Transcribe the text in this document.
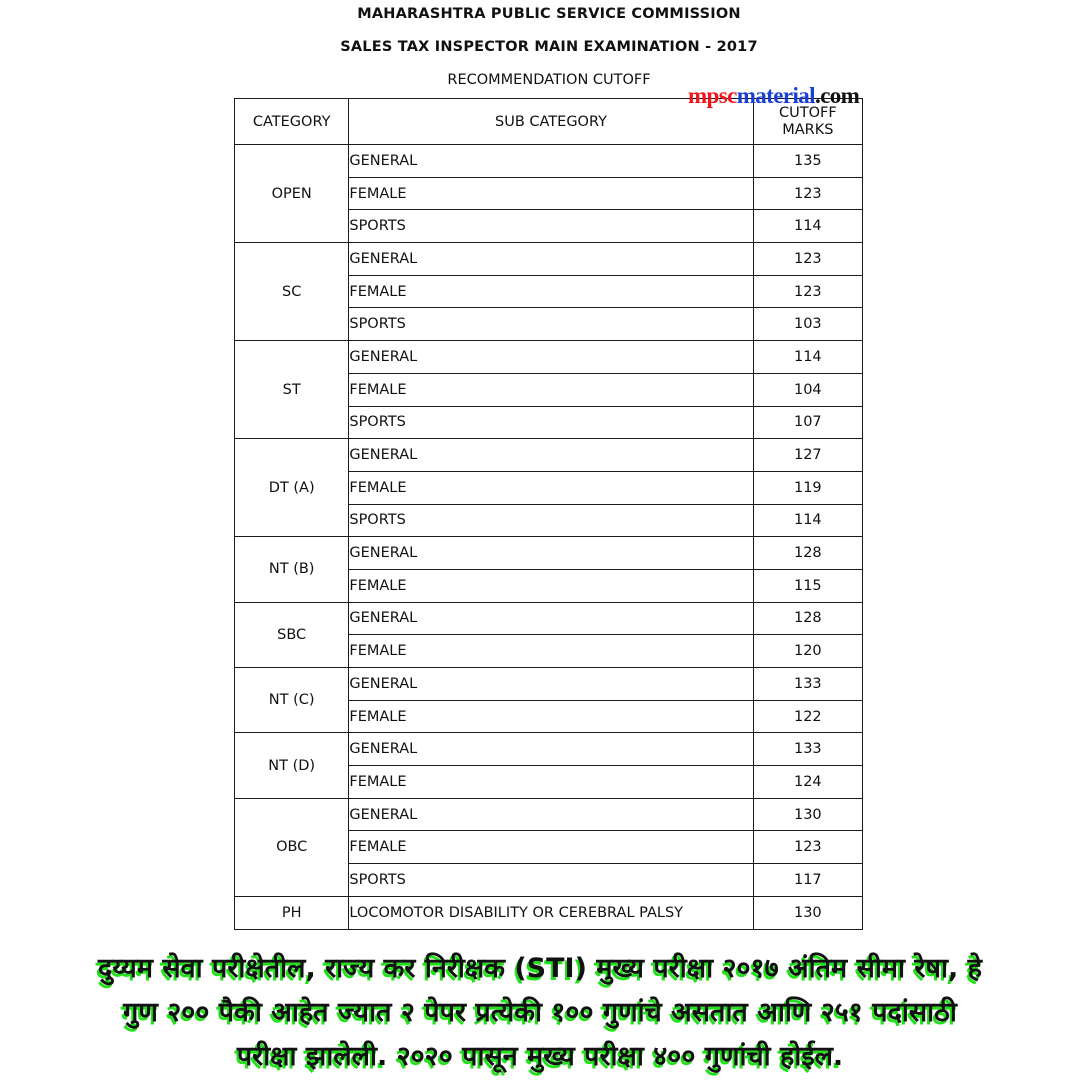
MAHARASHTRA PUBLIC SERVICE COMMISSION
SALES TAX INSPECTOR MAIN EXAMINATION - 2017
RECOMMENDATION CUTOFF
mpscmaterial.com
CATEGORY	SUB CATEGORY	CUTOFF
MARKS
OPEN	GENERAL	135
	FEMALE	123
	SPORTS	114
SC	GENERAL	123
	FEMALE	123
	SPORTS	103
ST	GENERAL	114
	FEMALE	104
	SPORTS	107
DT (A)	GENERAL	127
	FEMALE	119
	SPORTS	114
NT (B)	GENERAL	128
	FEMALE	115
SBC	GENERAL	128
	FEMALE	120
NT (C)	GENERAL	133
	FEMALE	122
NT (D)	GENERAL	133
	FEMALE	124
OBC	GENERAL	130
	FEMALE	123
	SPORTS	117
PH	LOCOMOTOR DISABILITY OR CEREBRAL PALSY	130
दुय्यम सेवा परीक्षेतील, राज्य कर निरीक्षक (STI) मुख्य परीक्षा २०१७ अंतिम सीमा रेषा, हे
गुण २०० पैकी आहेत ज्यात २ पेपर प्रत्येकी १०० गुणांचे असतात आणि २५१ पदांसाठी
परीक्षा झालेली. २०२० पासून मुख्य परीक्षा ४०० गुणांची होईल.
